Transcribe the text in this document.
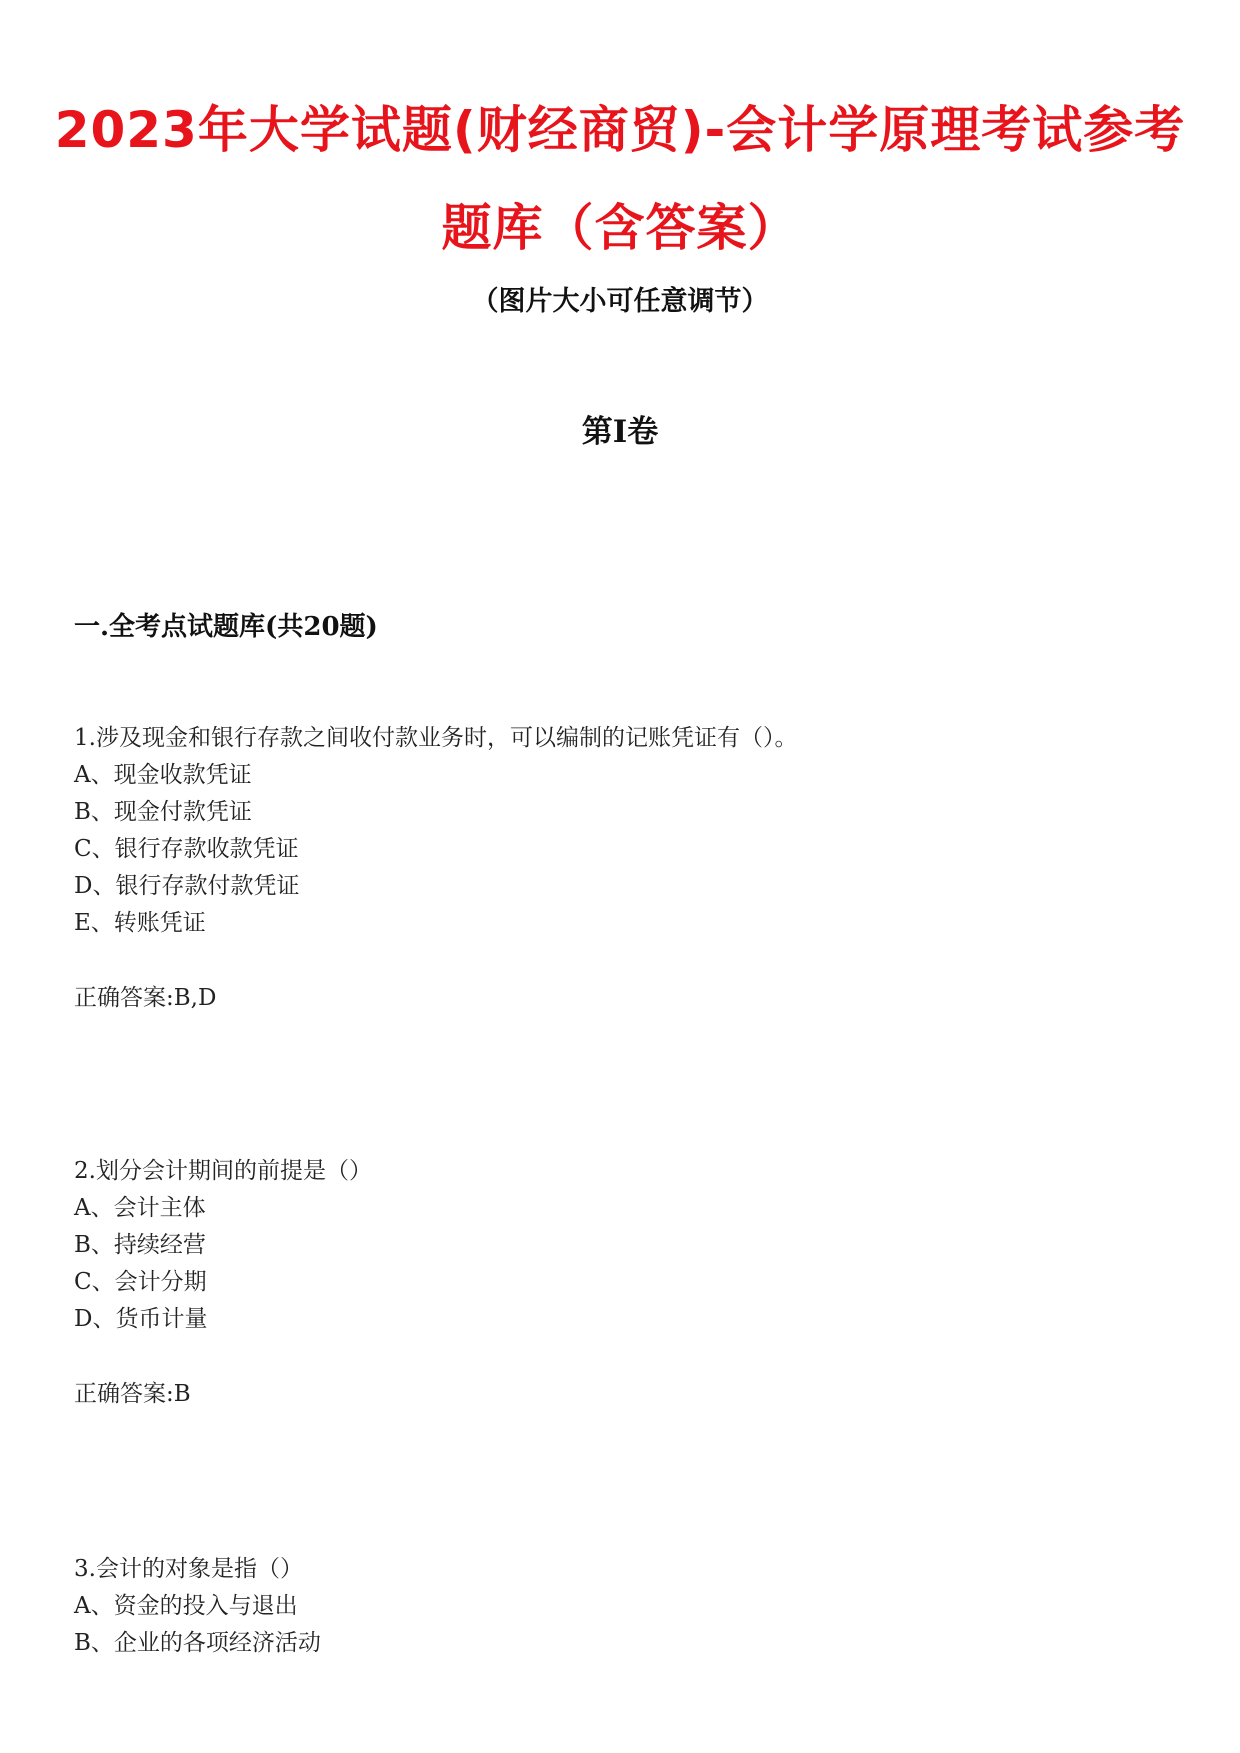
2023年大学试题(财经商贸)-会计学原理考试参考
题库（含答案）
（图片大小可任意调节）
第I卷
一.全考点试题库(共20题)
1.涉及现金和银行存款之间收付款业务时，可以编制的记账凭证有（）。
A、现金收款凭证
B、现金付款凭证
C、银行存款收款凭证
D、银行存款付款凭证
E、转账凭证
正确答案:B,D
2.划分会计期间的前提是（）
A、会计主体
B、持续经营
C、会计分期
D、货币计量
正确答案:B
3.会计的对象是指（）
A、资金的投入与退出
B、企业的各项经济活动
